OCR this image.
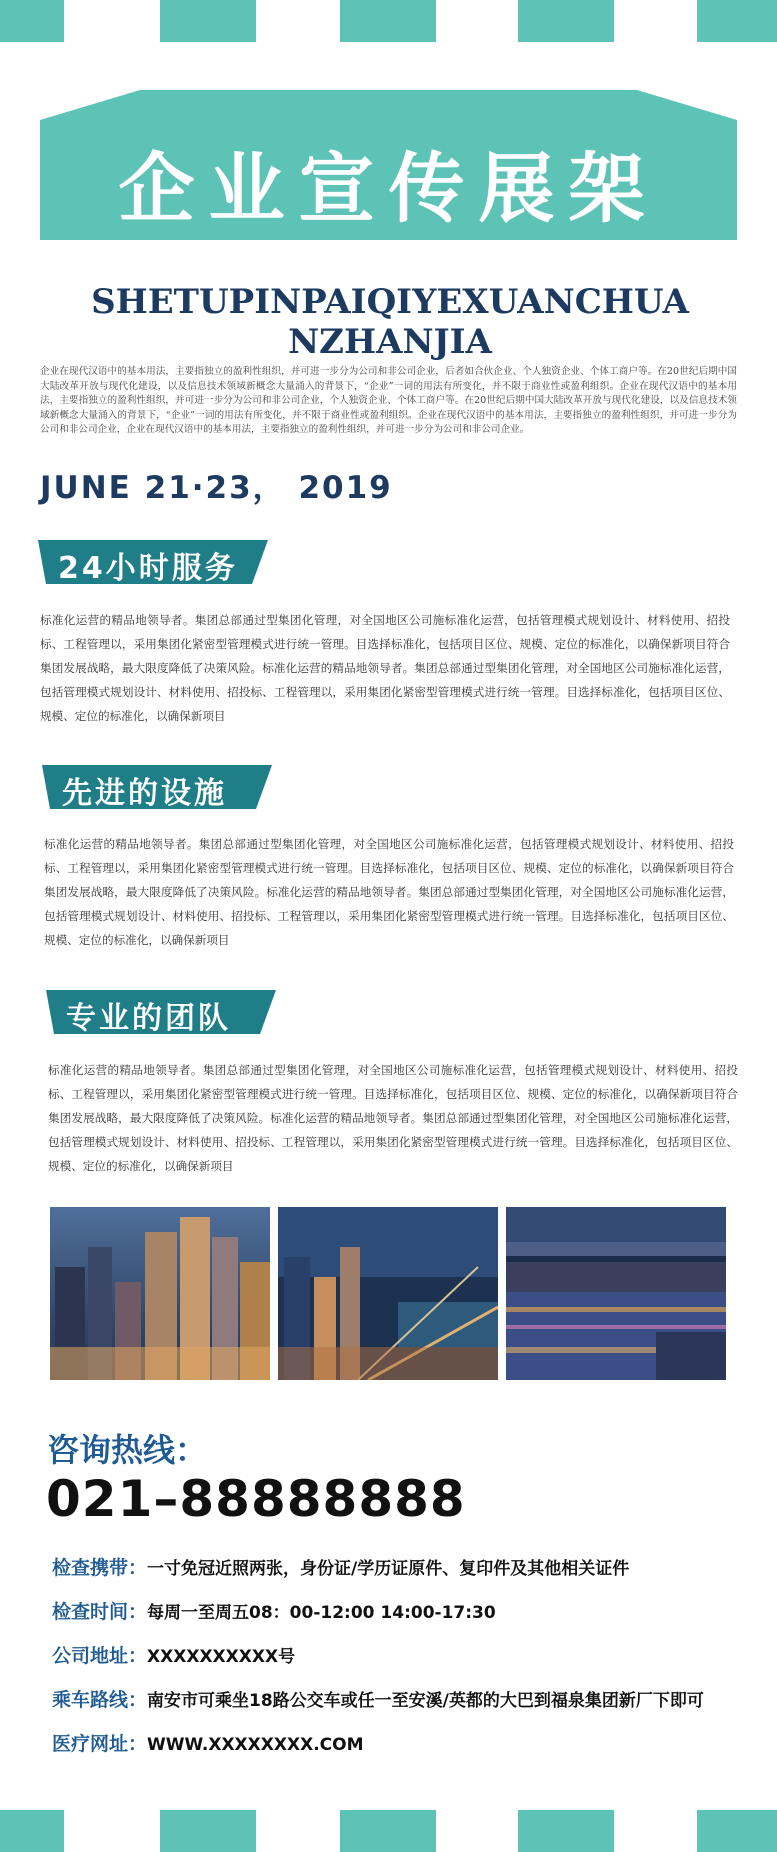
企业宣传展架
SHETUPINPAIQIYEXUANCHUANZHANJIA
企业在现代汉语中的基本用法，主要指独立的盈利性组织，并可进一步分为公司和非公司企业，后者如合伙企业、个人独资企业、个体工商户等。在20世纪后期中国大陆改革开放与现代化建设，以及信息技术领域新概念大量涌入的背景下，“企业”一词的用法有所变化，并不限于商业性或盈利组织。企业在现代汉语中的基本用法，主要指独立的盈利性组织，并可进一步分为公司和非公司企业，个人独资企业、个体工商户等。在20世纪后期中国大陆改革开放与现代化建设，以及信息技术领域新概念大量涌入的背景下，“企业”一词的用法有所变化，并不限于商业性或盈利组织。企业在现代汉语中的基本用法，主要指独立的盈利性组织，并可进一步分为公司和非公司企业，企业在现代汉语中的基本用法，主要指独立的盈利性组织，并可进一步分为公司和非公司企业。
JUNE 21·23， 2019
24小时服务
标准化运营的精品地领导者。集团总部通过型集团化管理，对全国地区公司施标准化运营，包括管理模式规划设计、材料使用、招投标、工程管理以，采用集团化紧密型管理模式进行统一管理。目选择标准化，包括项目区位、规模、定位的标准化，以确保新项目符合集团发展战略，最大限度降低了决策风险。标准化运营的精品地领导者。集团总部通过型集团化管理，对全国地区公司施标准化运营，包括管理模式规划设计、材料使用、招投标、工程管理以，采用集团化紧密型管理模式进行统一管理。目选择标准化，包括项目区位、规模、定位的标准化，以确保新项目
先进的设施
标准化运营的精品地领导者。集团总部通过型集团化管理，对全国地区公司施标准化运营，包括管理模式规划设计、材料使用、招投标、工程管理以，采用集团化紧密型管理模式进行统一管理。目选择标准化，包括项目区位、规模、定位的标准化，以确保新项目符合集团发展战略，最大限度降低了决策风险。标准化运营的精品地领导者。集团总部通过型集团化管理，对全国地区公司施标准化运营，包括管理模式规划设计、材料使用、招投标、工程管理以，采用集团化紧密型管理模式进行统一管理。目选择标准化，包括项目区位、规模、定位的标准化，以确保新项目
专业的团队
标准化运营的精品地领导者。集团总部通过型集团化管理，对全国地区公司施标准化运营，包括管理模式规划设计、材料使用、招投标、工程管理以，采用集团化紧密型管理模式进行统一管理。目选择标准化，包括项目区位、规模、定位的标准化，以确保新项目符合集团发展战略，最大限度降低了决策风险。标准化运营的精品地领导者。集团总部通过型集团化管理，对全国地区公司施标准化运营，包括管理模式规划设计、材料使用、招投标、工程管理以，采用集团化紧密型管理模式进行统一管理。目选择标准化，包括项目区位、规模、定位的标准化，以确保新项目
咨询热线：
021–88888888
检查携带：一寸免冠近照两张，身份证/学历证原件、复印件及其他相关证件
检查时间：每周一至周五08：00-12:00 14:00-17:30
公司地址：XXXXXXXXXX号
乘车路线：南安市可乘坐18路公交车或任一至安溪/英都的大巴到福泉集团新厂下即可
医疗网址：WWW.XXXXXXXX.COM
